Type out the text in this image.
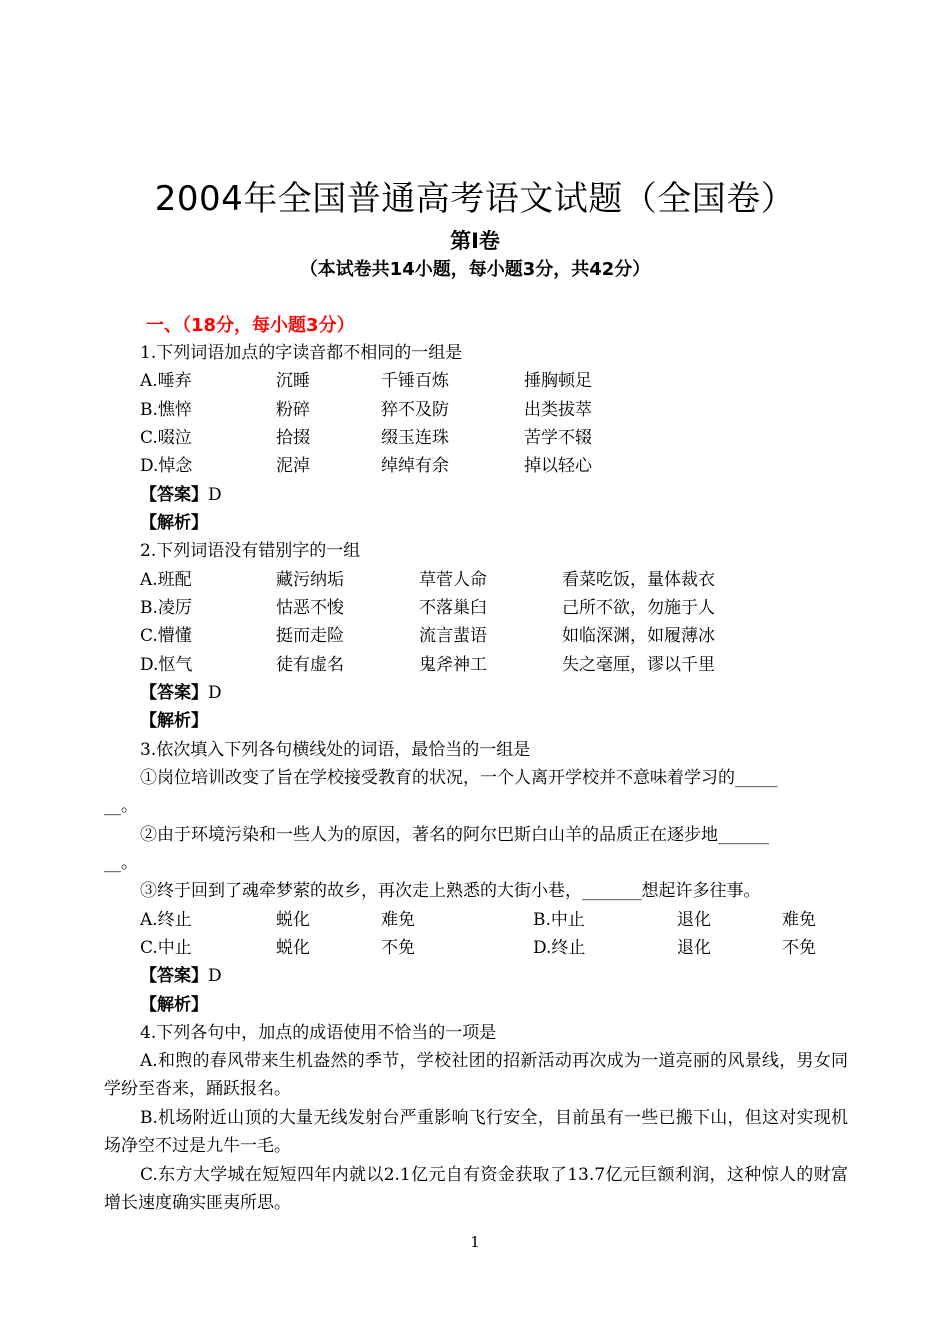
2004年全国普通高考语文试题（全国卷）
第Ⅰ卷
（本试卷共14小题，每小题3分，共42分）
一、（18分，每小题3分）
1.下列词语加点的字读音都不相同的一组是
A.唾弃	沉睡	千锤百炼	捶胸顿足
B.憔悴	粉碎	猝不及防	出类拔萃
C.啜泣	拾掇	缀玉连珠	苦学不辍
D.悼念	泥淖	绰绰有余	掉以轻心
【答案】D
【解析】
2.下列词语没有错别字的一组
A.班配	藏污纳垢	草菅人命	看菜吃饭，量体裁衣
B.凌厉	怙恶不悛	不落巢臼	己所不欲，勿施于人
C.懵懂	挺而走险	流言蜚语	如临深渊，如履薄冰
D.怄气	徒有虚名	鬼斧神工	失之毫厘，谬以千里
【答案】D
【解析】
3.依次填入下列各句横线处的词语，最恰当的一组是
①岗位培训改变了旨在学校接受教育的状况，一个人离开学校并不意味着学习的_____
__。
②由于环境污染和一些人为的原因，著名的阿尔巴斯白山羊的品质正在逐步地______
__。
③终于回到了魂牵梦萦的故乡，再次走上熟悉的大街小巷，_______想起许多往事。
A.终止	蜕化	难免	B.中止	退化	难免
C.中止	蜕化	不免	D.终止	退化	不免
【答案】D
【解析】
4.下列各句中，加点的成语使用不恰当的一项是
A.和煦的春风带来生机盎然的季节，学校社团的招新活动再次成为一道亮丽的风景线，男女同学纷至沓来，踊跃报名。
B.机场附近山顶的大量无线发射台严重影响飞行安全，目前虽有一些已搬下山，但这对实现机场净空不过是九牛一毛。
C.东方大学城在短短四年内就以2.1亿元自有资金获取了13.7亿元巨额利润，这种惊人的财富增长速度确实匪夷所思。
1
